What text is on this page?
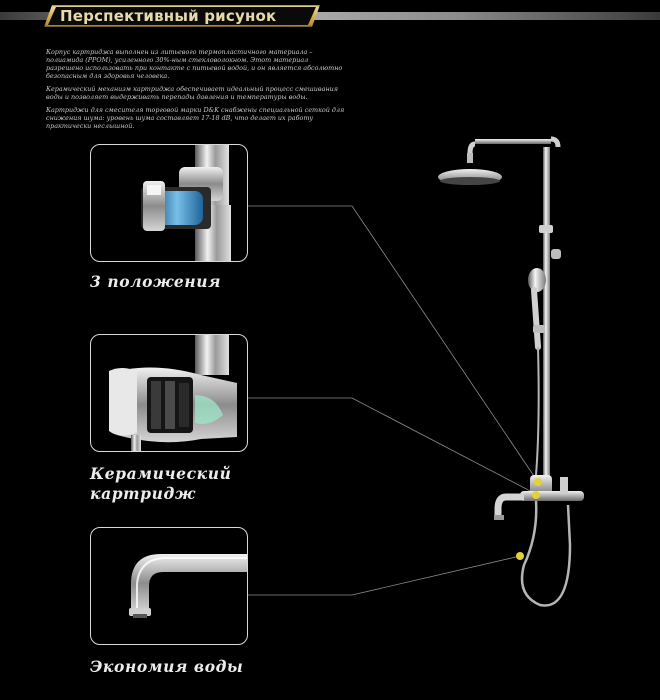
Перспективный рисунок

Корпус картриджа выполнен из литьевого термопластичного материала – полиамида (PPOM), усиленного 30%-ным стекловолокном. Этот материал разрешено использовать при контакте с питьевой водой, и он является абсолютно безопасным для здоровья человека.

Керамический механизм картриджа обеспечивает идеальный процесс смешивания воды и позволяет выдерживать перепады давления и температуры воды.

Картриджи для смесителя торговой марки D&K снабжены специальной сеткой для снижения шума: уровень шума составляет 17-18 dB, что делает их работу практически неслышной.

3 положения
Керамический
картридж
Экономия воды
